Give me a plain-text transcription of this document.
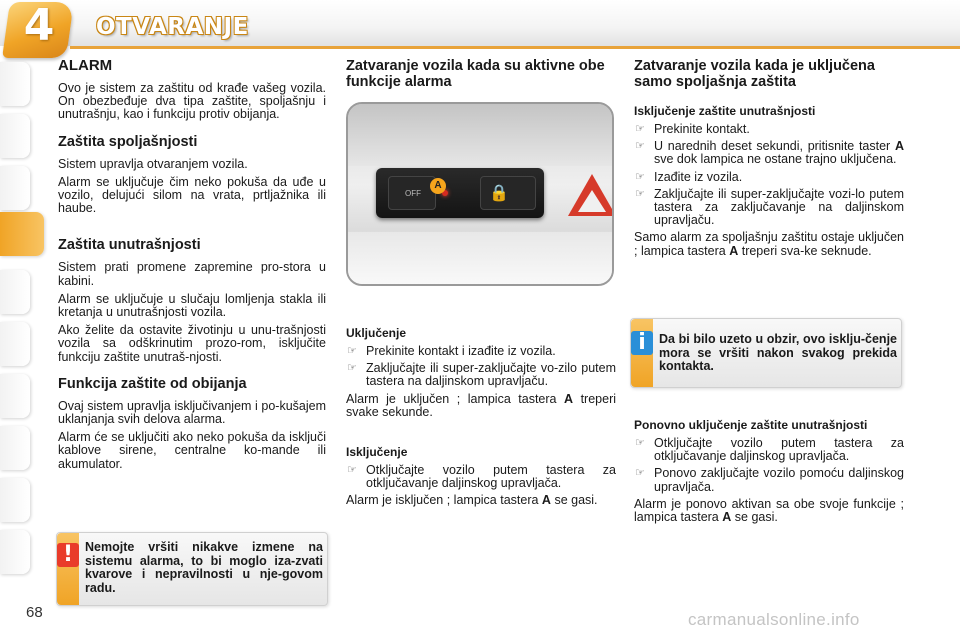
4	OTVARANJE
ALARM
Ovo je sistem za zaštitu od krađe vašeg vozila. On obezbeđuje dva tipa zaštite, spoljašnju i unutrašnju, kao i funkciju protiv obijanja.
Zaštita spoljašnjosti
Sistem upravlja otvaranjem vozila.
Alarm se uključuje čim neko pokuša da uđe u vozilo, delujući silom na vrata, prtljažnika ili haube.
Zaštita unutrašnjosti
Sistem prati promene zapremine pro-stora u kabini.
Alarm se uključuje u slučaju lomljenja stakla ili kretanja u unutrašnjosti vozila.
Ako želite da ostavite životinju u unu-trašnjosti vozila sa odškrinutim prozo-rom, isključite funkciju zaštite unutraš-njosti.
Funkcija zaštite od obijanja
Ovaj sistem upravlja isključivanjem i po-kušajem uklanjanja svih delova alarma.
Alarm će se uključiti ako neko pokuša da isključi kablove sirene, centralne ko-mande ili akumulator.
! Nemojte vršiti nikakve izmene na sistemu alarma, to bi moglo iza-zvati kvarove i nepravilnosti u nje-govom radu.
Zatvaranje vozila kada su aktivne obe funkcije alarma
OFF	🔒
A
Uključenje
☞ Prekinite kontakt i izađite iz vozila.
☞ Zaključajte ili super-zaključajte vo-zilo putem tastera na daljinskom upravljaču.
Alarm je uključen ; lampica tastera A treperi svake sekunde.
Isključenje
☞ Otključajte vozilo putem tastera za otključavanje daljinskog upravljača.
Alarm je isključen ; lampica tastera A se gasi.
Zatvaranje vozila kada je uključena samo spoljašnja zaštita
Isključenje zaštite unutrašnjosti
☞ Prekinite kontakt.
☞ U narednih deset sekundi, pritisnite taster A sve dok lampica ne ostane trajno uključena.
☞ Izađite iz vozila.
☞ Zaključajte ili super-zaključajte vozi-lo putem tastera za zaključavanje na daljinskom upravljaču.
Samo alarm za spoljašnju zaštitu ostaje uključen ; lampica tastera A treperi sva-ke seknude.
i	Da bi bilo uzeto u obzir, ovo isklju-čenje mora se vršiti nakon svakog prekida kontakta.
Ponovno uključenje zaštite unutrašnjosti
☞ Otključajte vozilo putem tastera za otključavanje daljinskog upravljača.
☞ Ponovo zaključajte vozilo pomoću daljinskog upravljača.
Alarm je ponovo aktivan sa obe svoje funkcije ; lampica tastera A se gasi.
68	carmanualsonline.info
